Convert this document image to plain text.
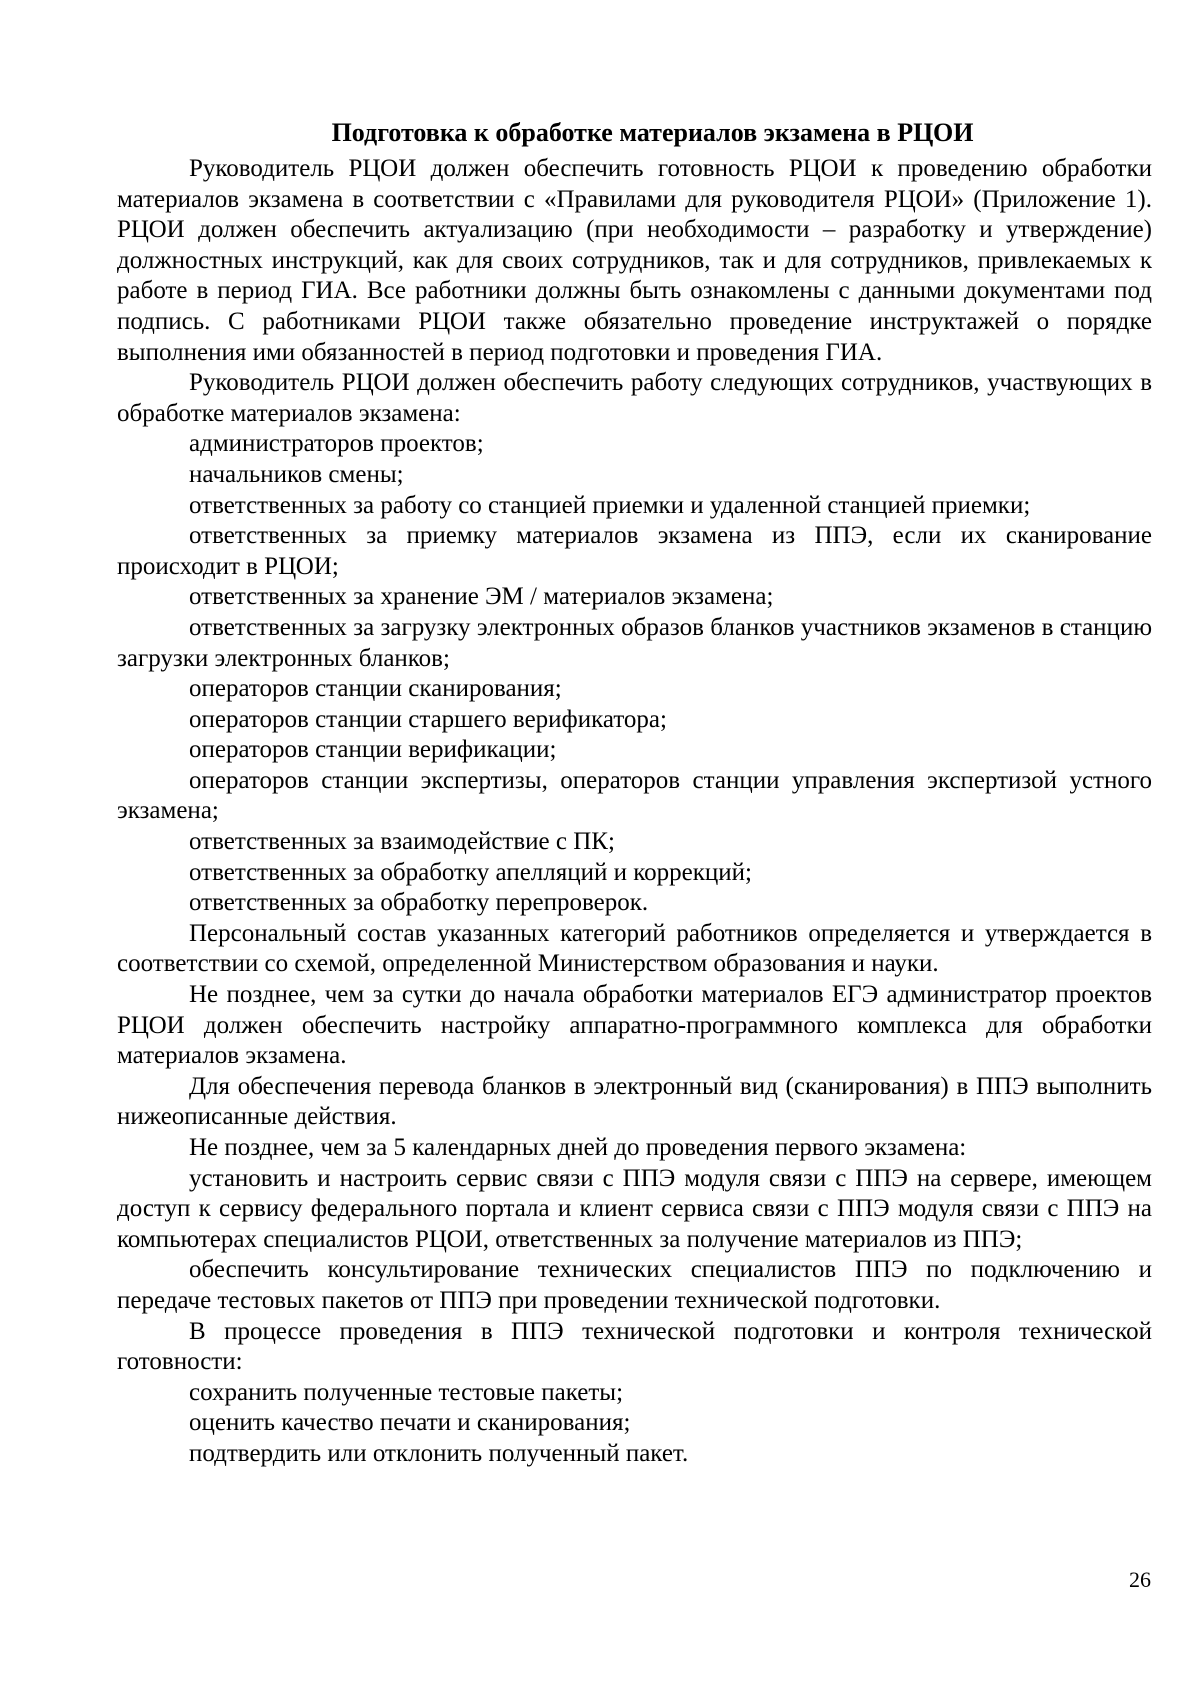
Подготовка к обработке материалов экзамена в РЦОИ

Руководитель РЦОИ должен обеспечить готовность РЦОИ к проведению обработки материалов экзамена в соответствии с «Правилами для руководителя РЦОИ» (Приложение 1). РЦОИ должен обеспечить актуализацию (при необходимости – разработку и утверждение) должностных инструкций, как для своих сотрудников, так и для сотрудников, привлекаемых к работе в период ГИА. Все работники должны быть ознакомлены с данными документами под подпись. С работниками РЦОИ также обязательно проведение инструктажей о порядке выполнения ими обязанностей в период подготовки и проведения ГИА.

Руководитель РЦОИ должен обеспечить работу следующих сотрудников, участвующих в обработке материалов экзамена:

администраторов проектов;

начальников смены;

ответственных за работу со станцией приемки и удаленной станцией приемки;

ответственных за приемку материалов экзамена из ППЭ, если их сканирование происходит в РЦОИ;

ответственных за хранение ЭМ / материалов экзамена;

ответственных за загрузку электронных образов бланков участников экзаменов в станцию загрузки электронных бланков;

операторов станции сканирования;

операторов станции старшего верификатора;

операторов станции верификации;

операторов станции экспертизы, операторов станции управления экспертизой устного экзамена;

ответственных за взаимодействие с ПК;

ответственных за обработку апелляций и коррекций;

ответственных за обработку перепроверок.

Персональный состав указанных категорий работников определяется и утверждается в соответствии со схемой, определенной Министерством образования и науки.

Не позднее, чем за сутки до начала обработки материалов ЕГЭ администратор проектов РЦОИ должен обеспечить настройку аппаратно-программного комплекса для обработки материалов экзамена.

Для обеспечения перевода бланков в электронный вид (сканирования) в ППЭ выполнить нижеописанные действия.

Не позднее, чем за 5 календарных дней до проведения первого экзамена:

установить и настроить сервис связи с ППЭ модуля связи с ППЭ на сервере, имеющем доступ к сервису федерального портала и клиент сервиса связи с ППЭ модуля связи с ППЭ на компьютерах специалистов РЦОИ, ответственных за получение материалов из ППЭ;

обеспечить консультирование технических специалистов ППЭ по подключению и передаче тестовых пакетов от ППЭ при проведении технической подготовки.

В процессе проведения в ППЭ технической подготовки и контроля технической готовности:

сохранить полученные тестовые пакеты;

оценить качество печати и сканирования;

подтвердить или отклонить полученный пакет.

26
